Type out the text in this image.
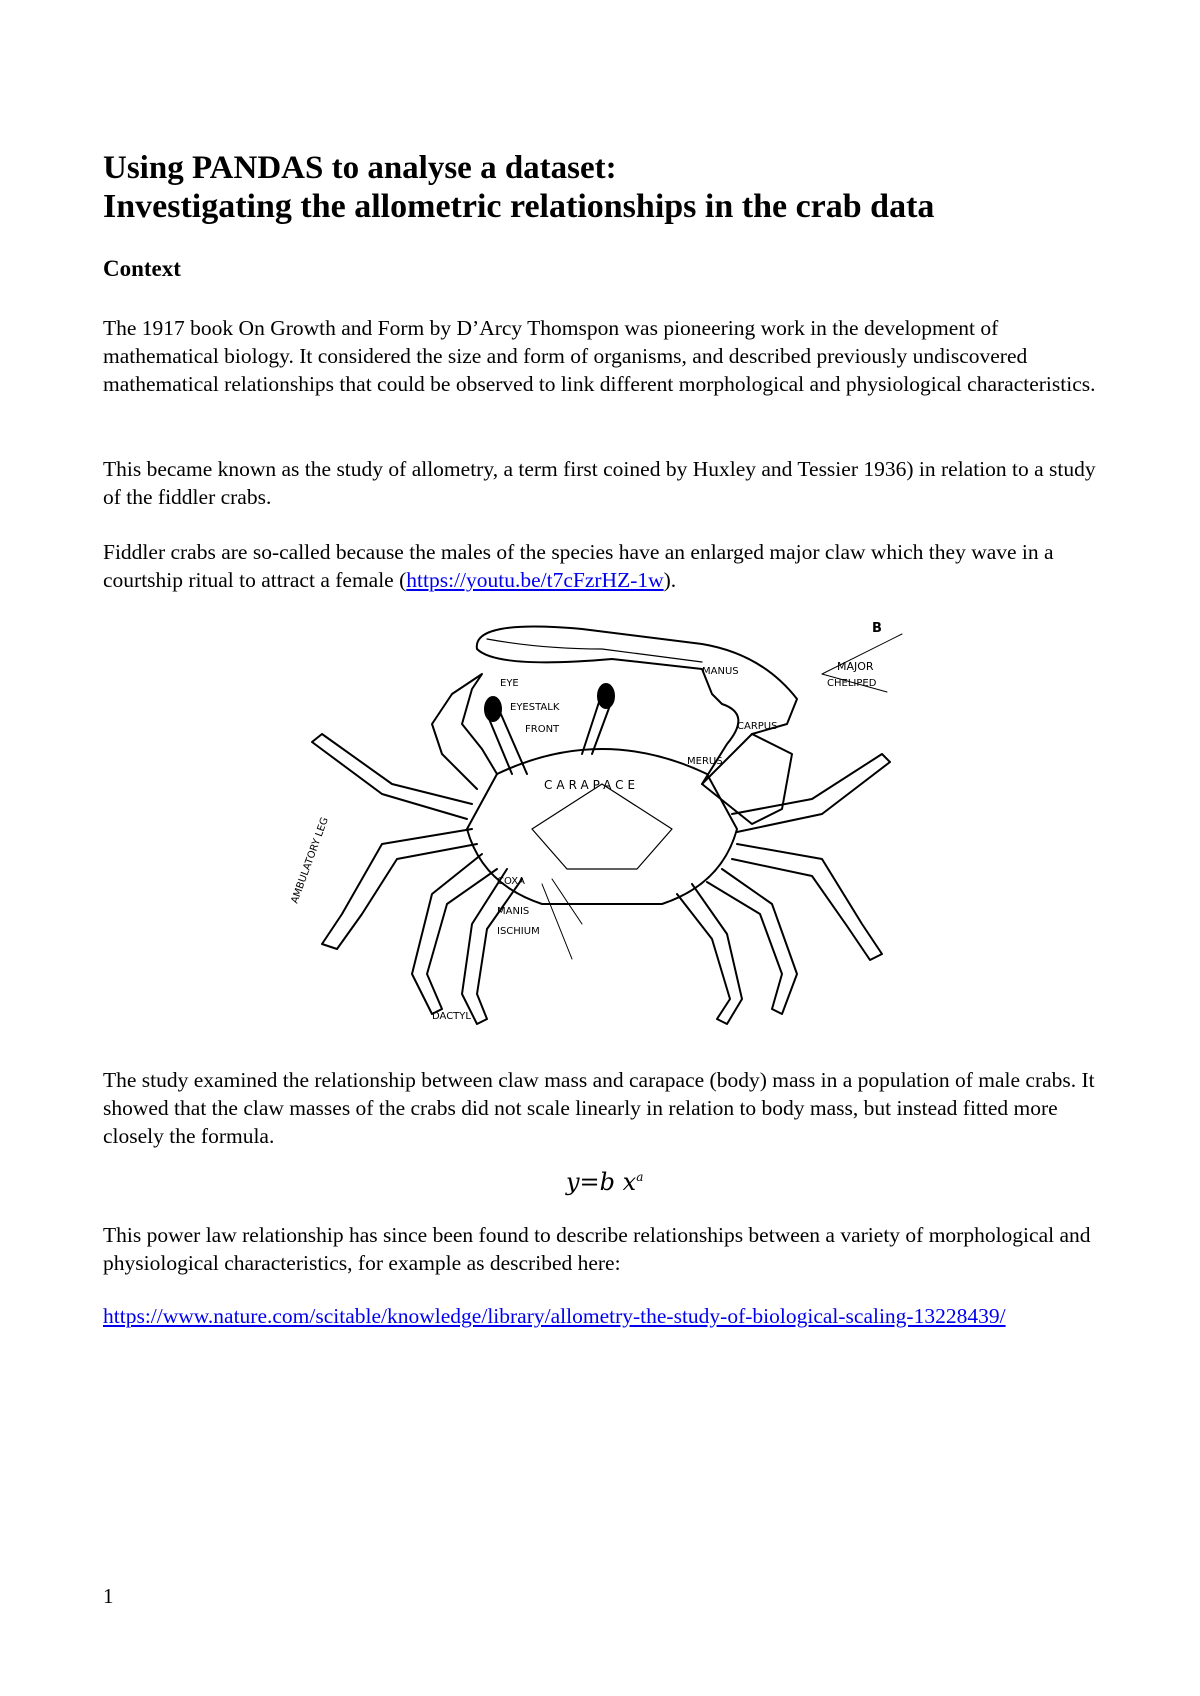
Using PANDAS to analyse a dataset:
Investigating the allometric relationships in the crab data
Context
The 1917 book On Growth and Form by D’Arcy Thomspon was pioneering work in the development of mathematical biology. It considered the size and form of organisms, and described previously undiscovered mathematical relationships that could be observed to link different morphological and physiological characteristics.
This became known as the study of allometry, a term first coined by Huxley and Tessier 1936) in relation to a study of the fiddler crabs.
Fiddler crabs are so-called because the males of the species have an enlarged major claw which they wave in a courtship ritual to attract a female (https://youtu.be/t7cFzrHZ-1w).
B
MAJOR
CHELIPED
MANUS
CARPUS
MERUS
EYE
EYESTALK
FRONT
CARAPACE
COXA
MANIS
ISCHIUM
AMBULATORY LEG
DACTYL
The study examined the relationship between claw mass and carapace (body) mass in a population of male crabs. It showed that the claw masses of the crabs did not scale linearly in relation to body mass, but instead fitted more closely the formula.
y=b $x^a$
This power law relationship has since been found to describe relationships between a variety of morphological and physiological characteristics, for example as described here:
https://www.nature.com/scitable/knowledge/library/allometry-the-study-of-biological-scaling-13228439/
1
